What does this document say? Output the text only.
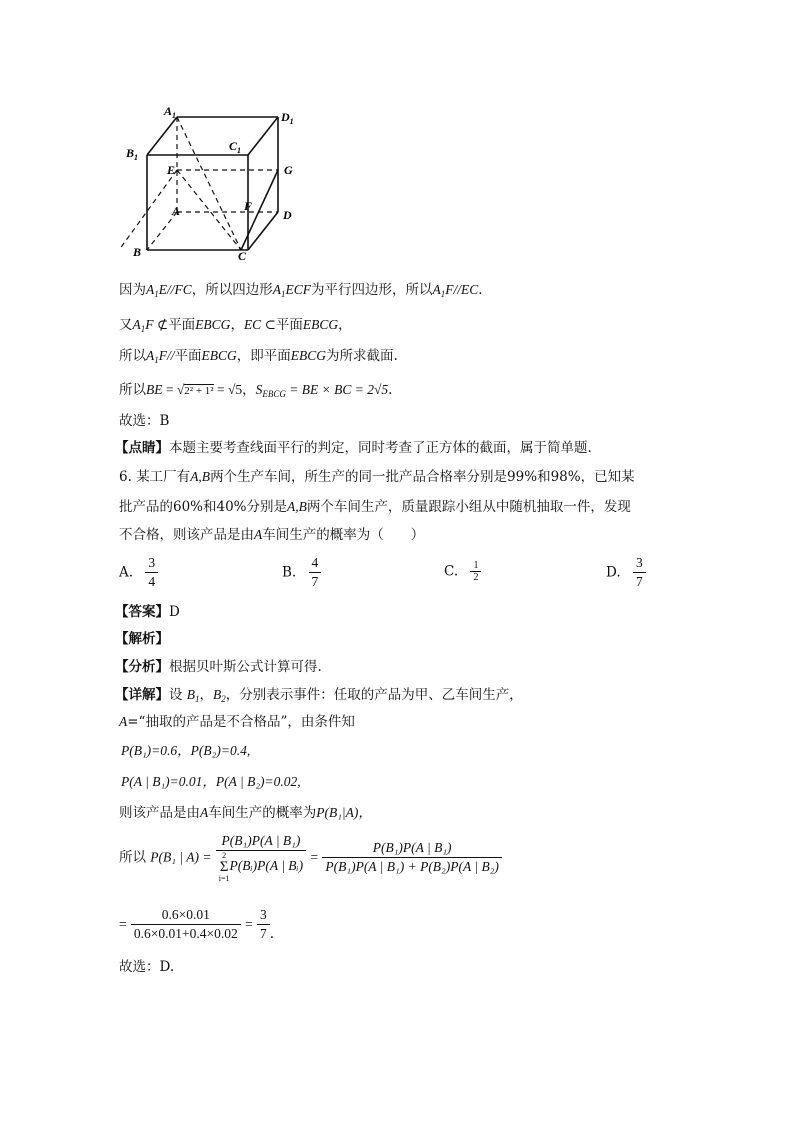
$A_1$	$D_1$
$B_1$
$C_1$
E	G
A	F
D
B	C
因为$A_1E//FC$，所以四边形$A_1ECF$为平行四边形，所以$A_1F//EC$.
又$A_1F$ ⊄平面EBCG，EC ⊂平面EBCG，
所以$A_1F//$平面EBCG，即平面EBCG为所求截面.
所以BE = √2² + 1² = √5，$S_{EBCG}$ = BE × BC = 2√5.
故选：B
【点睛】本题主要考查线面平行的判定，同时考查了正方体的截面，属于简单题.
6. 某工厂有A,B两个生产车间，所生产的同一批产品合格率分别是99%和98%，已知某
批产品的60%和40%分别是A,B两个车间生产，质量跟踪小组从中随机抽取一件，发现
不合格，则该产品是由A车间生产的概率为（　　）
A. $\frac{3}{4}$	B. $\frac{4}{7}$	C. $\frac{1}{2}$	D. $\frac{3}{7}$
【答案】D
【解析】
【分析】根据贝叶斯公式计算可得.
【详解】设 $B_1$，$B_2$，分别表示事件：任取的产品为甲、乙车间生产，
A=“抽取的产品是不合格品”，由条件知
P(B₁)=0.6，P(B₂)=0.4,
P(A | B₁)=0.01，P(A | B₂)=0.02,
则该产品是由A车间生产的概率为P(B₁|A)，
所以 P(B₁ | A) = P(B₁)P(A | B₁)
2
Σ
i=1
P(Bᵢ)P(A | Bᵢ) = $\frac{\text{P(B₁)P(A | B₁)}}{\text{P(B₁)P(A | B₁) + P(B₂)P(A | B₂)}}$
= $\frac{0.6\times 0.01}{0.6\times 0.01+0.4\times 0.02} = \frac{3}{7}$ .
故选：D.
